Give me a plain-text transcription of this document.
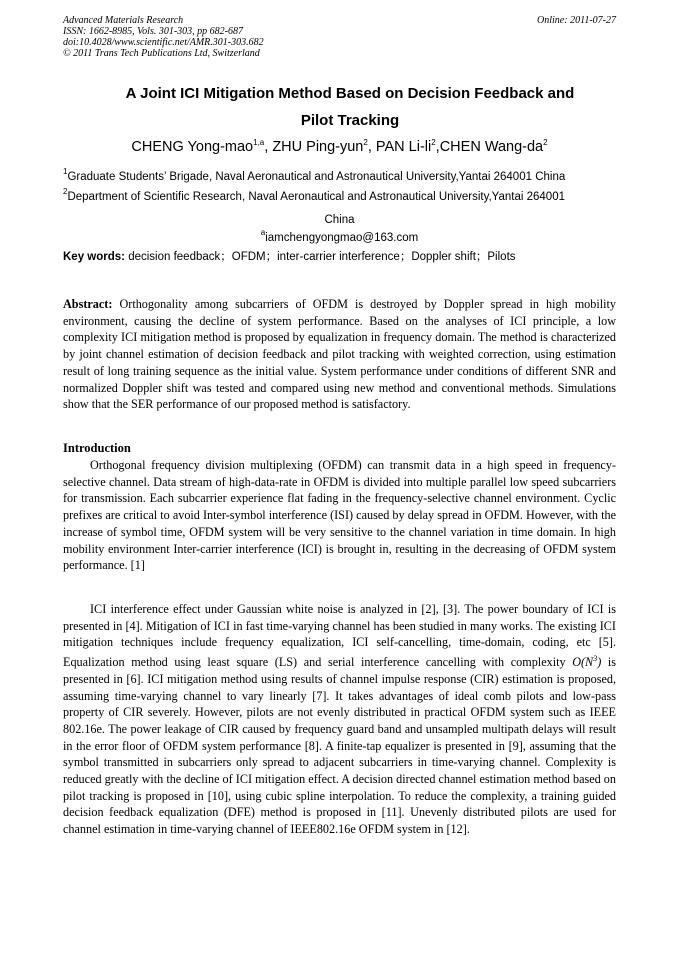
Advanced Materials Research
ISSN: 1662-8985, Vols. 301-303, pp 682-687
doi:10.4028/www.scientific.net/AMR.301-303.682
© 2011 Trans Tech Publications Ltd, Switzerland
Online: 2011-07-27
A Joint ICI Mitigation Method Based on Decision Feedback and
Pilot Tracking
CHENG Yong-mao$^{1,a}$, ZHU Ping-yun$^2$, PAN $Li-li^2,CHEN$ Wang-$da^2$
$^1$Graduate Students’ Brigade, Naval Aeronautical and Astronautical University,Yantai 264001 China
$^2$Department of Scientific Research, Naval Aeronautical and Astronautical University,Yantai 264001
China
$^a$iamchengyongmao@163.com
Key words: decision feedback；OFDM；inter-carrier interference；Doppler shift；Pilots
Abstract: Orthogonality among subcarriers of OFDM is destroyed by Doppler spread in high mobility environment, causing the decline of system performance. Based on the analyses of ICI principle, a low complexity ICI mitigation method is proposed by equalization in frequency domain. The method is characterized by joint channel estimation of decision feedback and pilot tracking with weighted correction, using estimation result of long training sequence as the initial value. System performance under conditions of different SNR and normalized Doppler shift was tested and compared using new method and conventional methods. Simulations show that the SER performance of our proposed method is satisfactory.
Introduction
Orthogonal frequency division multiplexing (OFDM) can transmit data in a high speed in frequency-selective channel. Data stream of high-data-rate in OFDM is divided into multiple parallel low speed subcarriers for transmission. Each subcarrier experience flat fading in the frequency-selective channel environment. Cyclic prefixes are critical to avoid Inter-symbol interference (ISI) caused by delay spread in OFDM. However, with the increase of symbol time, OFDM system will be very sensitive to the channel variation in time domain. In high mobility environment Inter-carrier interference (ICI) is brought in, resulting in the decreasing of OFDM system performance. [1]
ICI interference effect under Gaussian white noise is analyzed in [2], [3]. The power boundary of ICI is presented in [4]. Mitigation of ICI in fast time-varying channel has been studied in many works. The existing ICI mitigation techniques include frequency equalization, ICI self-cancelling, time-domain, coding, etc [5]. Equalization method using least square (LS) and serial interference cancelling with complexity $O(N^3)$ is presented in [6]. ICI mitigation method using results of channel impulse response (CIR) estimation is proposed, assuming time-varying channel to vary linearly [7]. It takes advantages of ideal comb pilots and low-pass property of CIR severely. However, pilots are not evenly distributed in practical OFDM system such as IEEE 802.16e. The power leakage of CIR caused by frequency guard band and unsampled multipath delays will result in the error floor of OFDM system performance [8]. A finite-tap equalizer is presented in [9], assuming that the symbol transmitted in subcarriers only spread to adjacent subcarriers in time-varying channel. Complexity is reduced greatly with the decline of ICI mitigation effect. A decision directed channel estimation method based on pilot tracking is proposed in [10], using cubic spline interpolation. To reduce the complexity, a training guided decision feedback equalization (DFE) method is proposed in [11]. Unevenly distributed pilots are used for channel estimation in time-varying channel of IEEE802.16e OFDM system in [12].
